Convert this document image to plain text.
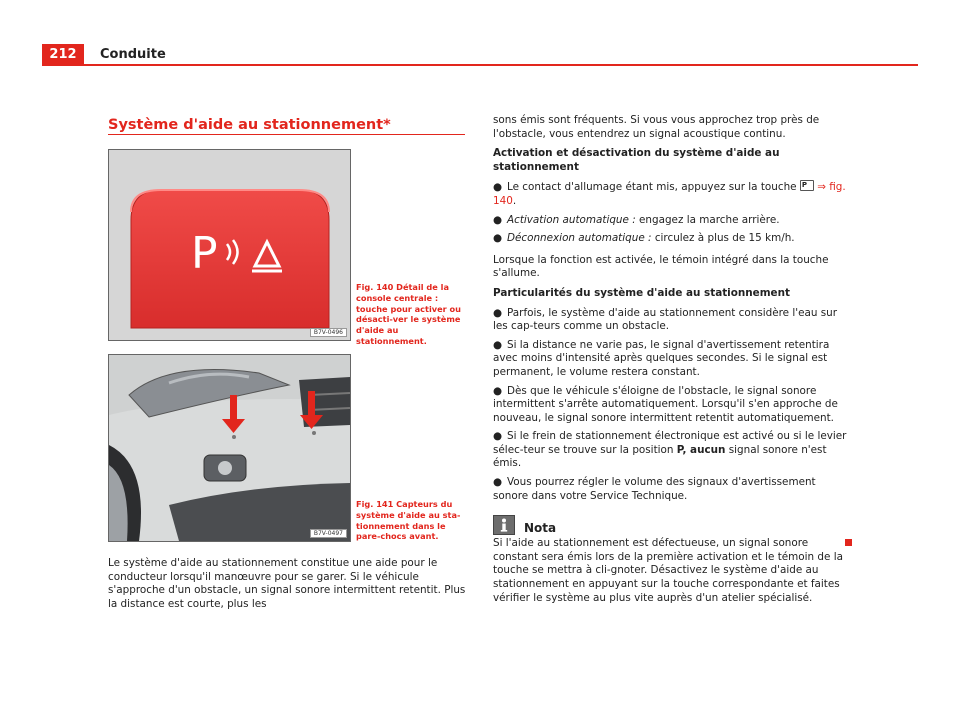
212	Conduite
Système d'aide au stationnement*
P
B7V-0496
Fig. 140 Détail de la console centrale : touche pour activer ou désacti-ver le système d'aide au stationnement.
B7V-0497
Fig. 141 Capteurs du système d'aide au sta-tionnement dans le pare-chocs avant.
Le système d'aide au stationnement constitue une aide pour le conducteur lorsqu'il manœuvre pour se garer. Si le véhicule s'approche d'un obstacle, un signal sonore intermittent retentit. Plus la distance est courte, plus les

sons émis sont fréquents. Si vous vous approchez trop près de l'obstacle, vous entendrez un signal acoustique continu.

Activation et désactivation du système d'aide au stationnement
● Le contact d'allumage étant mis, appuyez sur la touche P ⇒ fig. 140.
● Activation automatique : engagez la marche arrière.
● Déconnexion automatique : circulez à plus de 15 km/h.

Lorsque la fonction est activée, le témoin intégré dans la touche s'allume.

Particularités du système d'aide au stationnement
● Parfois, le système d'aide au stationnement considère l'eau sur les cap-teurs comme un obstacle.
● Si la distance ne varie pas, le signal d'avertissement retentira avec moins d'intensité après quelques secondes. Si le signal est permanent, le volume restera constant.
● Dès que le véhicule s'éloigne de l'obstacle, le signal sonore intermittent s'arrête automatiquement. Lorsqu'il s'en approche de nouveau, le signal sonore intermittent retentit automatiquement.
● Si le frein de stationnement électronique est activé ou si le levier sélec-teur se trouve sur la position P, aucun signal sonore n'est émis.
● Vous pourrez régler le volume des signaux d'avertissement sonore dans votre Service Technique.
Nota

Si l'aide au stationnement est défectueuse, un signal sonore constant sera émis lors de la première activation et le témoin de la touche se mettra à cli-gnoter. Désactivez le système d'aide au stationnement en appuyant sur la touche correspondante et faites vérifier le système au plus vite auprès d'un atelier spécialisé.
